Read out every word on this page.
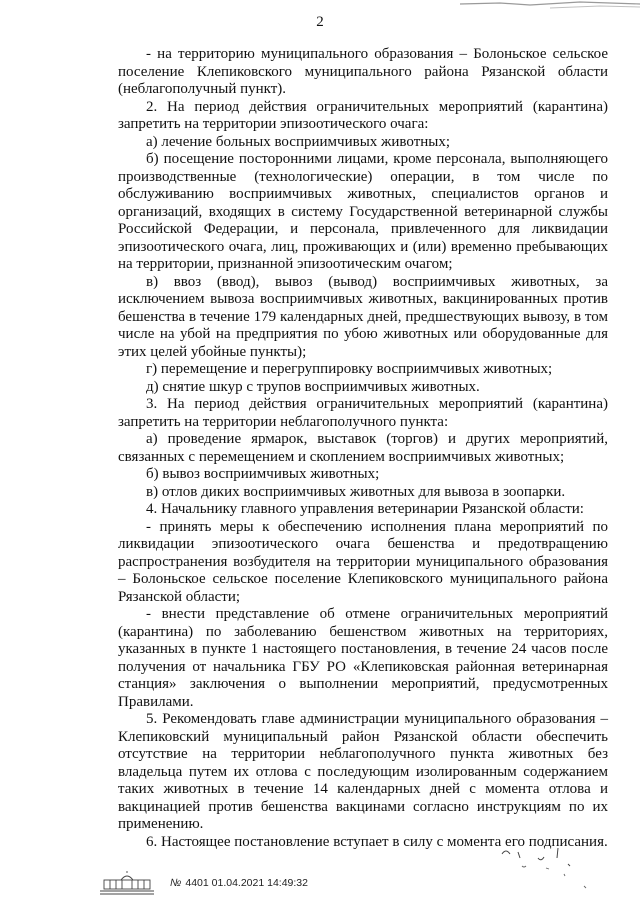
2

- на территорию муниципального образования – Болоньское сельское поселение Клепиковского муниципального района Рязанской области (неблагополучный пункт).

2. На период действия ограничительных мероприятий (карантина) запретить на территории эпизоотического очага:

а) лечение больных восприимчивых животных;

б) посещение посторонними лицами, кроме персонала, выполняющего производственные (технологические) операции, в том числе по обслуживанию восприимчивых животных, специалистов органов и организаций, входящих в систему Государственной ветеринарной службы Российской Федерации, и персонала, привлеченного для ликвидации эпизоотического очага, лиц, проживающих и (или) временно пребывающих на территории, признанной эпизоотическим очагом;

в) ввоз (ввод), вывоз (вывод) восприимчивых животных, за исключением вывоза восприимчивых животных, вакцинированных против бешенства в течение 179 календарных дней, предшествующих вывозу, в том числе на убой на предприятия по убою животных или оборудованные для этих целей убойные пункты);

г) перемещение и перегруппировку восприимчивых животных;

д) снятие шкур с трупов восприимчивых животных.

3. На период действия ограничительных мероприятий (карантина) запретить на территории неблагополучного пункта:

а) проведение ярмарок, выставок (торгов) и других мероприятий, связанных с перемещением и скоплением восприимчивых животных;

б) вывоз восприимчивых животных;

в) отлов диких восприимчивых животных для вывоза в зоопарки.

4. Начальнику главного управления ветеринарии Рязанской области:

- принять меры к обеспечению исполнения плана мероприятий по ликвидации эпизоотического очага бешенства и предотвращению распространения возбудителя на территории муниципального образования – Болоньское сельское поселение Клепиковского муниципального района Рязанской области;

- внести представление об отмене ограничительных мероприятий (карантина) по заболеванию бешенством животных на территориях, указанных в пункте 1 настоящего постановления, в течение 24 часов после получения от начальника ГБУ РО «Клепиковская районная ветеринарная станция» заключения о выполнении мероприятий, предусмотренных Правилами.

5. Рекомендовать главе администрации муниципального образования – Клепиковский муниципальный район Рязанской области обеспечить отсутствие на территории неблагополучного пункта животных без владельца путем их отлова с последующим изолированным содержанием таких животных в течение 14 календарных дней с момента отлова и вакцинацией против бешенства вакцинами согласно инструкциям по их применению.

6. Настоящее постановление вступает в силу с момента его подписания.

№ 4401 01.04.2021 14:49:32
